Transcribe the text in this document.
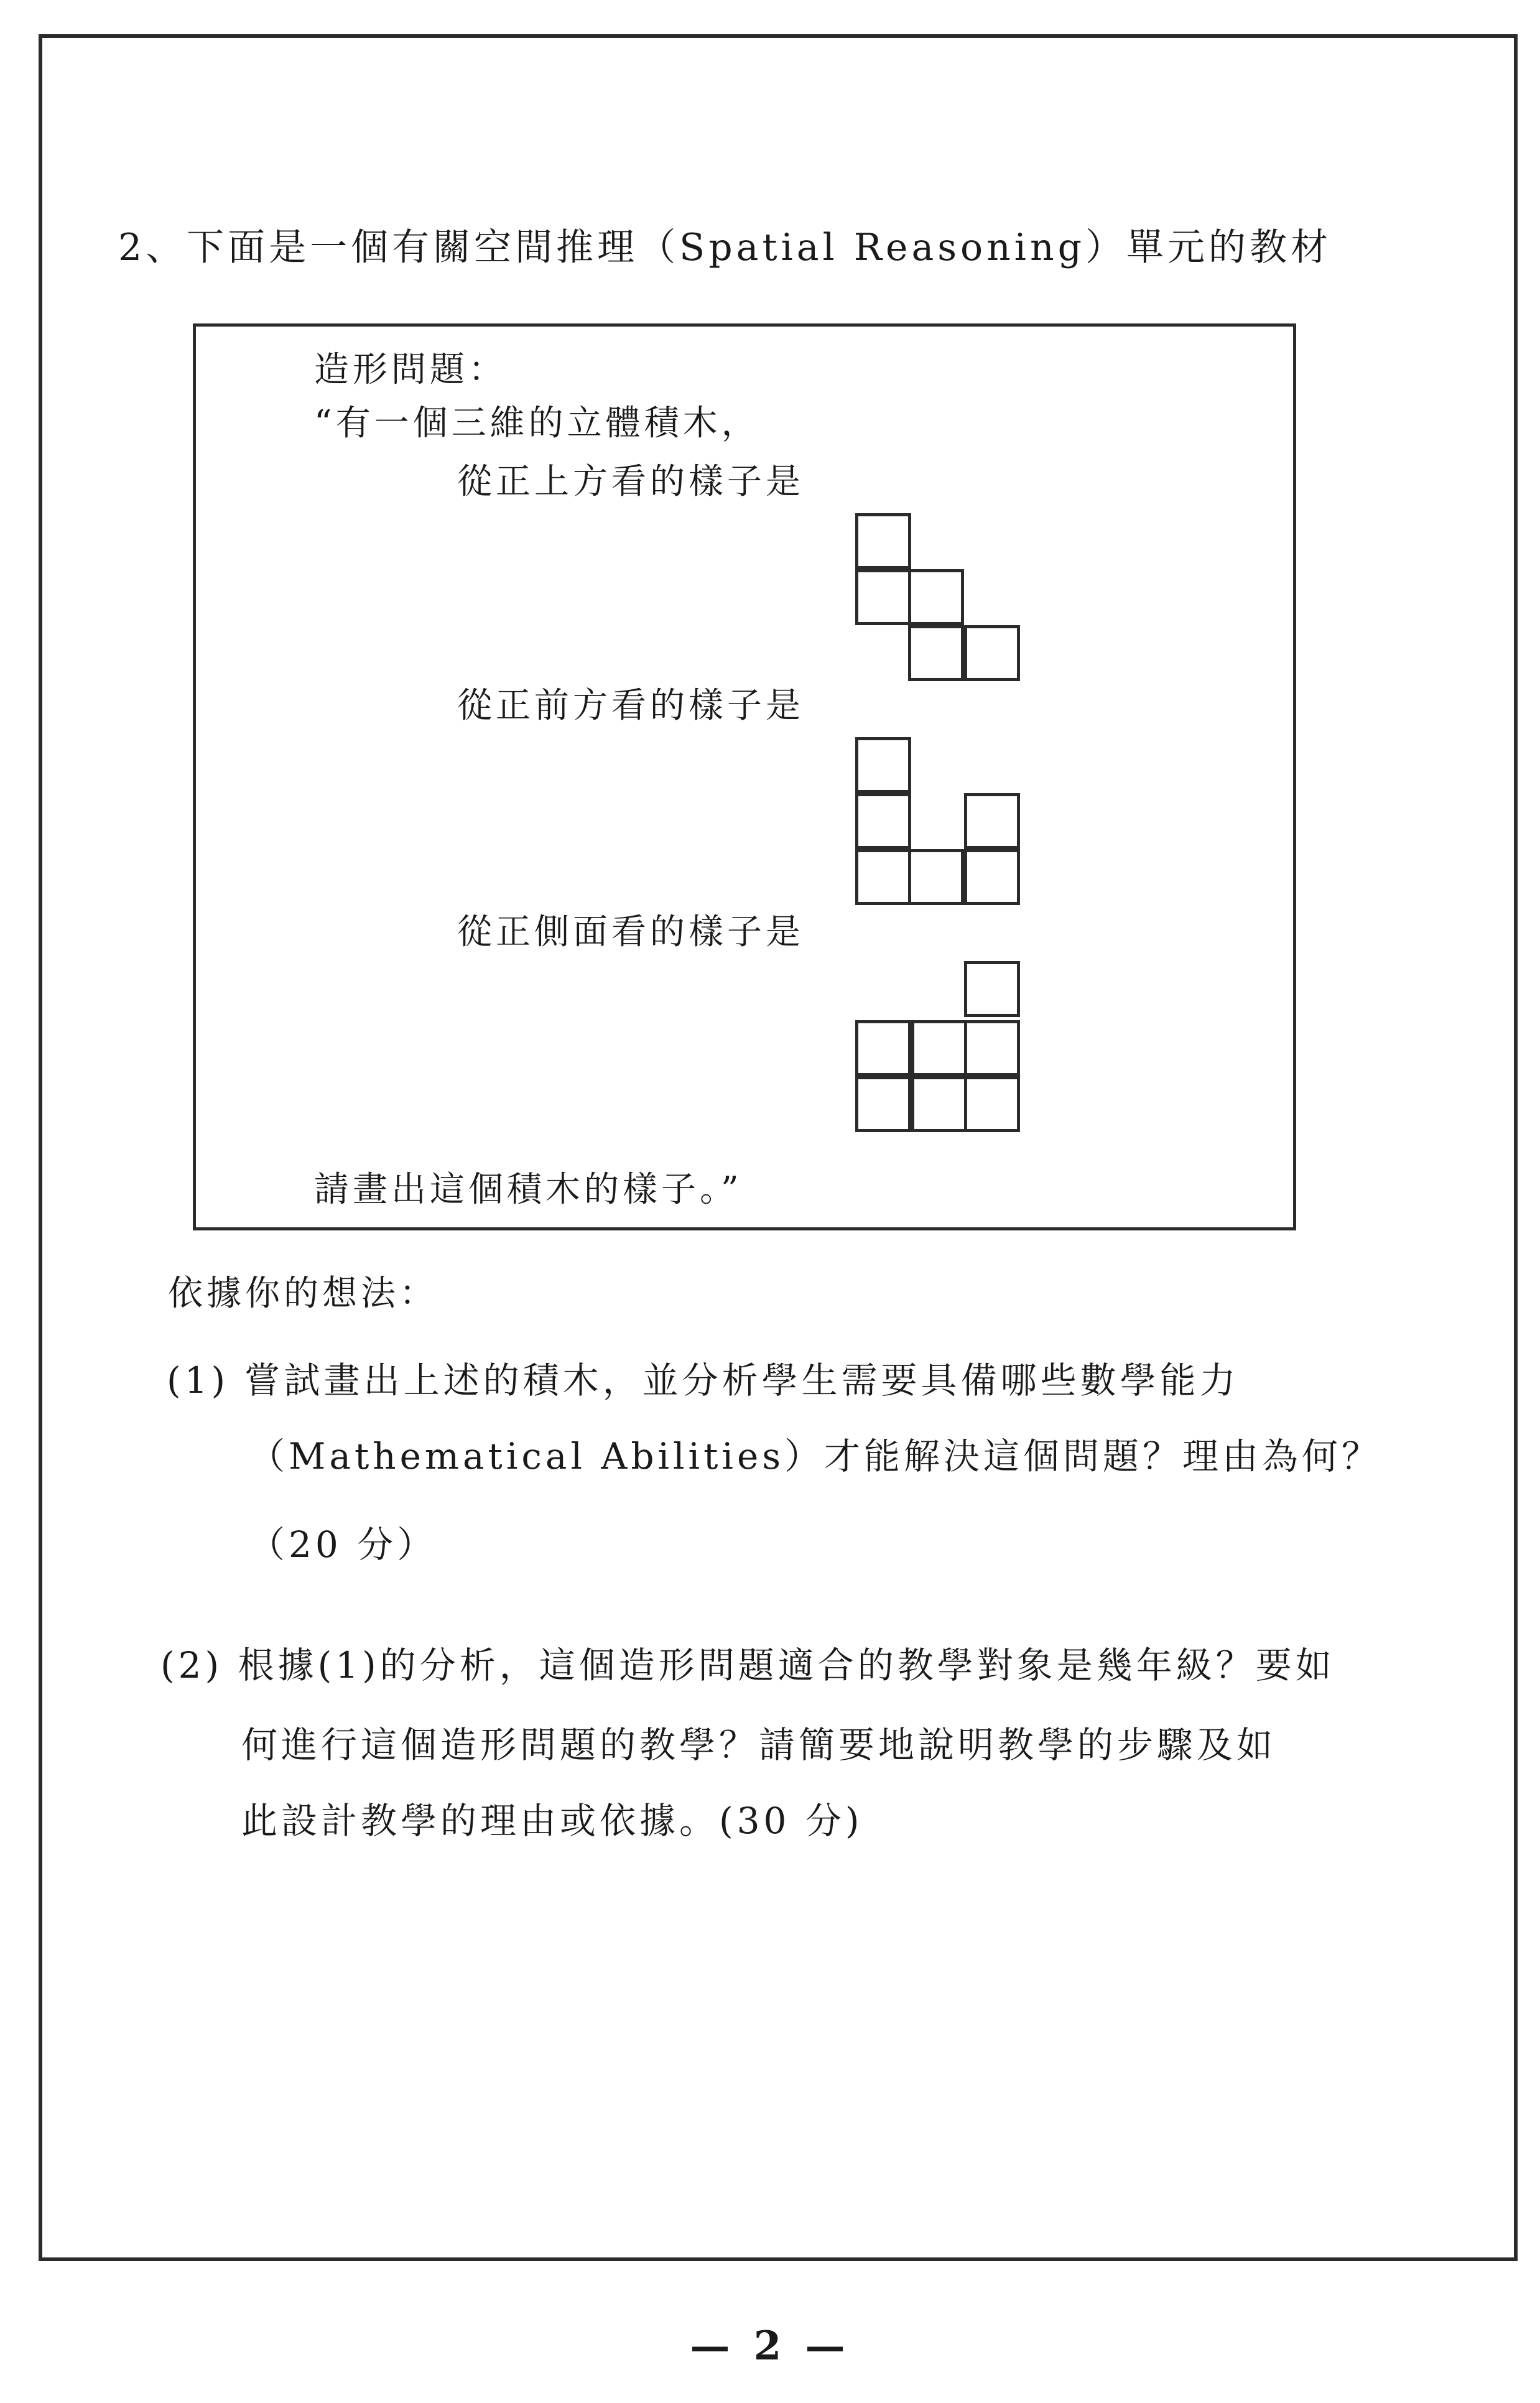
2、下面是一個有關空間推理（Spatial Reasoning）單元的教材
造形問題：
“有一個三維的立體積木，
從正上方看的樣子是
從正前方看的樣子是
從正側面看的樣子是
請畫出這個積木的樣子。”
依據你的想法：
(1) 嘗試畫出上述的積木，並分析學生需要具備哪些數學能力
（Mathematical Abilities）才能解決這個問題？理由為何？
（20 分）
(2) 根據(1)的分析，這個造形問題適合的教學對象是幾年級？要如
何進行這個造形問題的教學？請簡要地說明教學的步驟及如
此設計教學的理由或依據。(30 分)
— 2 —
